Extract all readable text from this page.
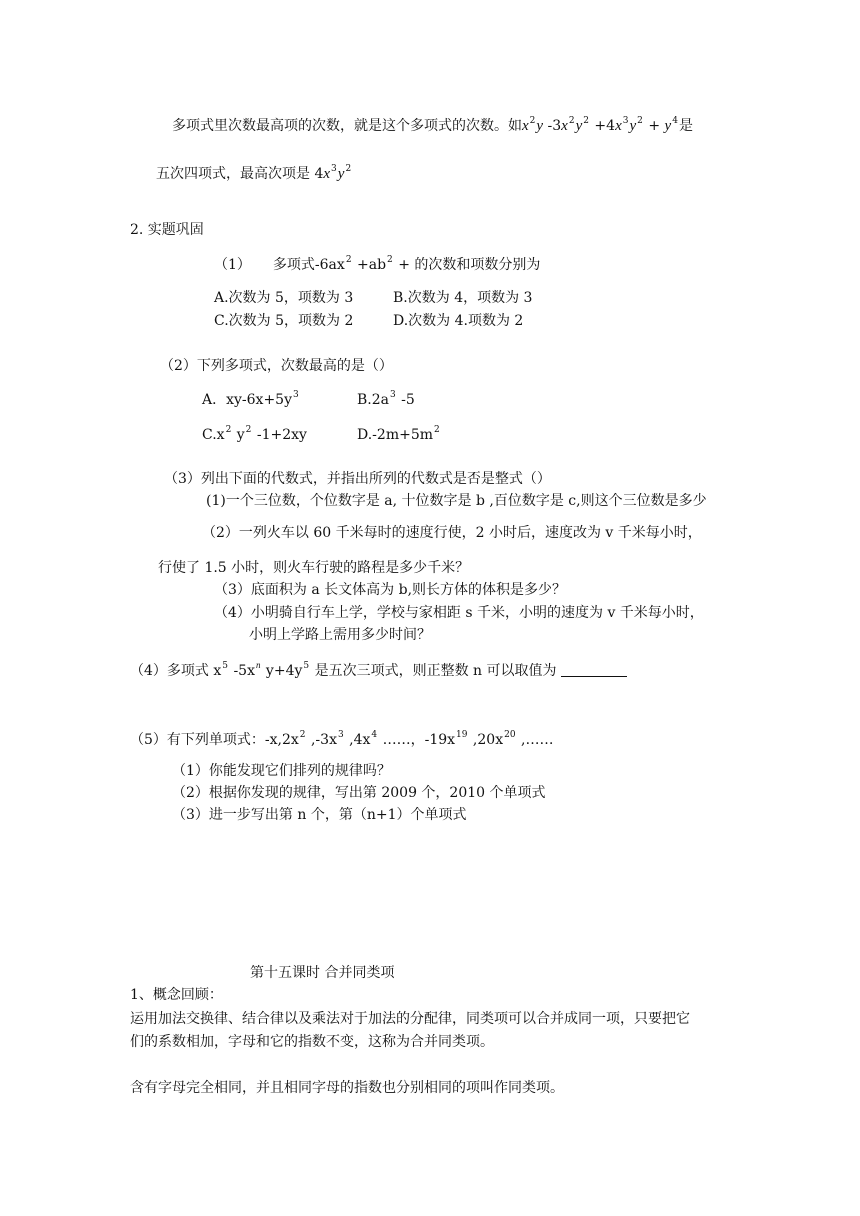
多项式里次数最高项的次数，就是这个多项式的次数。如$x^2y$ $-3x^2y^2 +4x^3y^2 + y^4$是
五次四项式，最高次项是 $4x^3y^2$
2. 实题巩固
（1） 多项式$-6ax^2 +ab^2$ + 的次数和项数分别为
A.次数为 5，项数为 3	B.次数为 4，项数为 3
C.次数为 5，项数为 2	D.次数为 4.项数为 2
（2）下列多项式，次数最高的是（）
A．$xy-6x+5y^3$	$B.2a^3$ -5
$C.x^2$ $y^2$ -1+2xy	$D.-2m+5m^2$
（3）列出下面的代数式，并指出所列的代数式是否是整式（）
(1)一个三位数，个位数字是 a, 十位数字是 b ,百位数字是 c,则这个三位数是多少
（2）一列火车以 60 千米每时的速度行使，2 小时后，速度改为 v 千米每小时，
行使了 1.5 小时，则火车行驶的路程是多少千米？
（3）底面积为 a 长文体高为 b,则长方体的体积是多少？
（4）小明骑自行车上学，学校与家相距 s 千米，小明的速度为 v 千米每小时，
小明上学路上需用多少时间？
（4）多项式 $x^5$ $-5x^n$ $y+4y^5$ 是五次三项式，则正整数 n 可以取值为
（5）有下列单项式：$-x,2x^2$ $,-3x^3$ $,4x^4$ ……，$-19x^{19}$ $,20x^{20}$ ,……
（1）你能发现它们排列的规律吗？
（2）根据你发现的规律，写出第 2009 个，2010 个单项式
（3）进一步写出第 n 个，第（n+1）个单项式
第十五课时 合并同类项
1、概念回顾：
运用加法交换律、结合律以及乘法对于加法的分配律，同类项可以合并成同一项，只要把它
们的系数相加，字母和它的指数不变，这称为合并同类项。
含有字母完全相同，并且相同字母的指数也分别相同的项叫作同类项。
